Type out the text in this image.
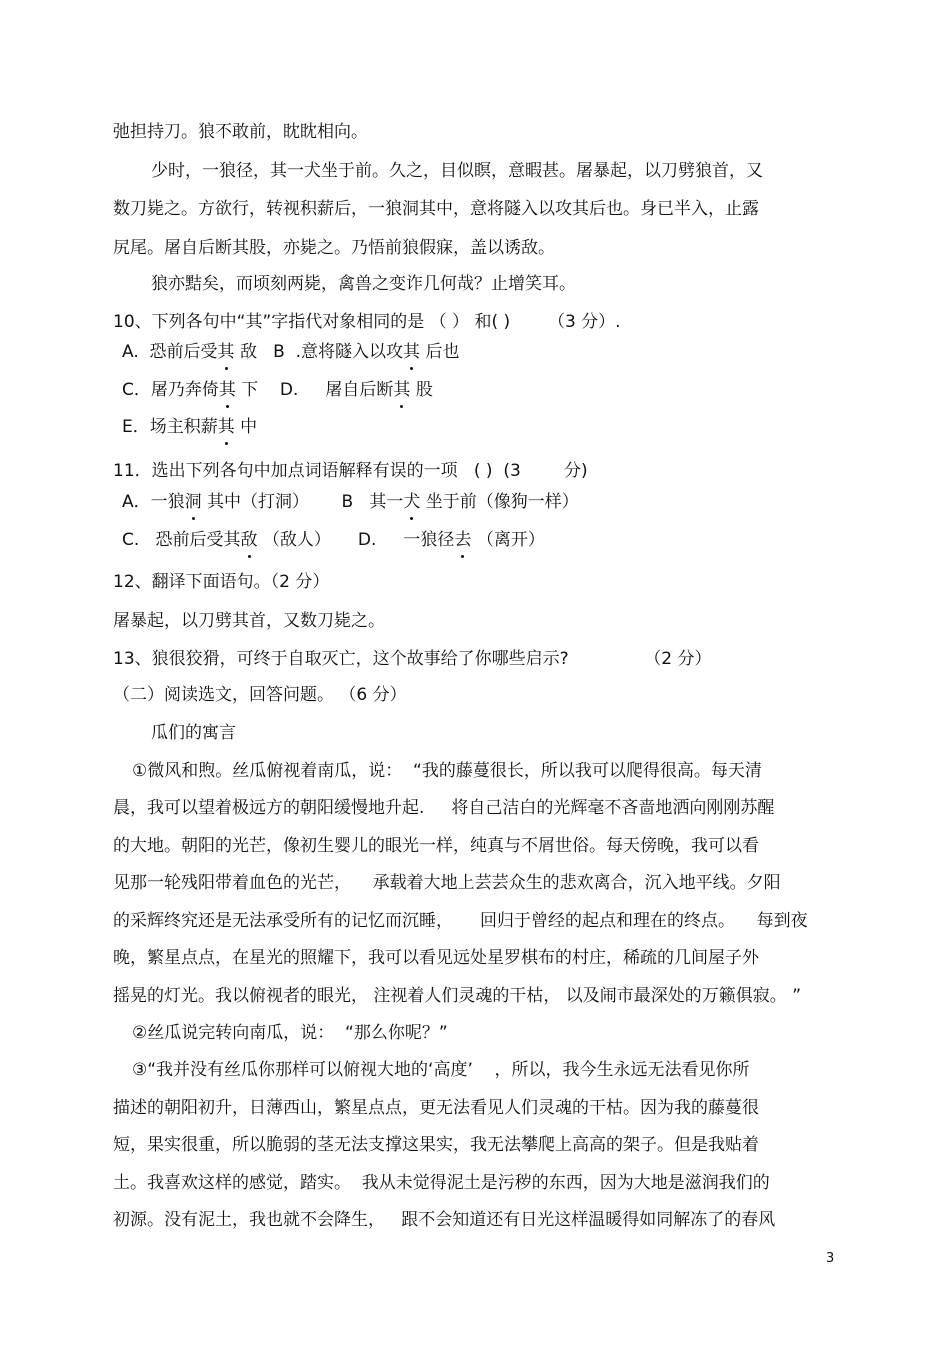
弛担持刀。狼不敢前，眈眈相向。
少时，一狼径，其一犬坐于前。久之，目似瞑，意暇甚。屠暴起，以刀劈狼首，又
数刀毙之。方欲行，转视积薪后，一狼洞其中，意将隧入以攻其后也。身已半入，止露
尻尾。屠自后断其股，亦毙之。乃悟前狼假寐，盖以诱敌。
狼亦黠矣，而顷刻两毙，禽兽之变诈几何哉？止增笑耳。
10、下列各句中“其”字指代对象相同的是 （ ） 和( )       （3 分）.
A.  恐前后受其 敌   B  .意将隧入以攻其 后也
C．屠乃奔倚其 下    D.     屠自后断其 股
E．场主积薪其 中
11．选出下列各句中加点词语解释有误的一项   ( )  (3        分)
A．一狼洞 其中（打洞）      B   其一犬 坐于前（像狗一样）
C.   恐前后受其敌 （敌人）     D.     一狼径去 （离开）
12、翻译下面语句。（2 分）
屠暴起，以刀劈其首，又数刀毙之。
13、狼很狡猾，可终于自取灭亡，这个故事给了你哪些启示?              （2 分）
（二）阅读选文，回答问题。 （6 分）
瓜们的寓言
①微风和煦。丝瓜俯视着南瓜，说：  “我的藤蔓很长，所以我可以爬得很高。每天清
晨，我可以望着极远方的朝阳缓慢地升起.     将自己洁白的光辉毫不吝啬地洒向刚刚苏醒
的大地。朝阳的光芒，像初生婴儿的眼光一样，纯真与不屑世俗。每天傍晚，我可以看
见那一轮残阳带着血色的光芒，    承载着大地上芸芸众生的悲欢离合，沉入地平线。夕阳
的采辉终究还是无法承受所有的记忆而沉睡，     回归于曾经的起点和理在的终点。    每到夜
晚，繁星点点，在星光的照耀下，我可以看见远处星罗棋布的村庄，稀疏的几间屋子外
摇晃的灯光。我以俯视者的眼光， 注视着人们灵魂的干枯， 以及闹市最深处的万籁俱寂。 ”
②丝瓜说完转向南瓜，说：  “那么你呢？”
③“我并没有丝瓜你那样可以俯视大地的‘高度’    ，所以，我今生永远无法看见你所
描述的朝阳初升，日薄西山，繁星点点，更无法看见人们灵魂的干枯。因为我的藤蔓很
短，果实很重，所以脆弱的茎无法支撑这果实，我无法攀爬上高高的架子。但是我贴着
土。我喜欢这样的感觉，踏实。  我从未觉得泥土是污秽的东西，因为大地是滋润我们的
初源。没有泥土，我也就不会降生，   跟不会知道还有日光这样温暖得如同解冻了的春风
3
